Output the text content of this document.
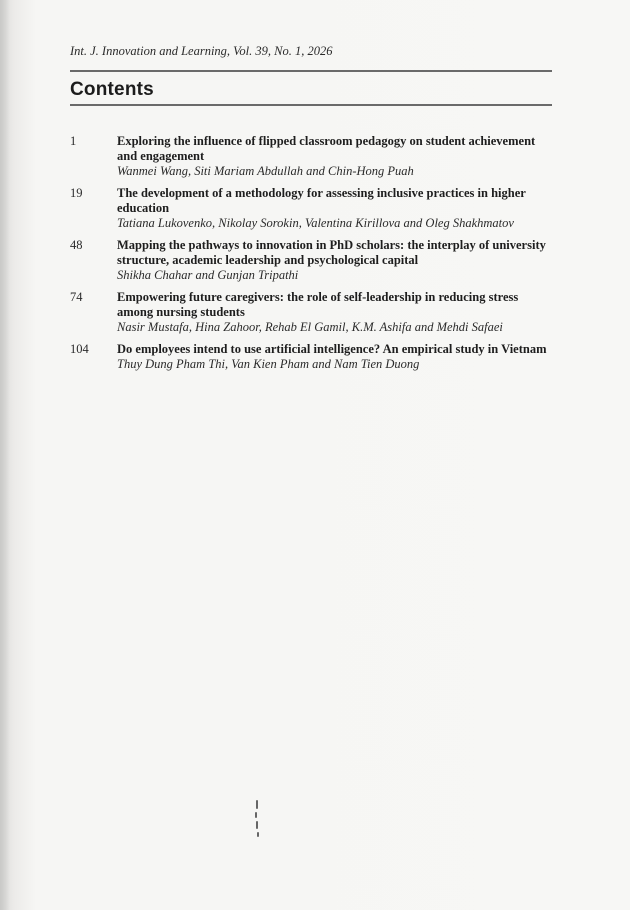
Int. J. Innovation and Learning, Vol. 39, No. 1, 2026
Contents
1	Exploring the influence of flipped classroom pedagogy on student achievement and engagement
Wanmei Wang, Siti Mariam Abdullah and Chin-Hong Puah
19	The development of a methodology for assessing inclusive practices in higher education
Tatiana Lukovenko, Nikolay Sorokin, Valentina Kirillova and Oleg Shakhmatov
48	Mapping the pathways to innovation in PhD scholars: the interplay of university structure, academic leadership and psychological capital
Shikha Chahar and Gunjan Tripathi
74	Empowering future caregivers: the role of self-leadership in reducing stress among nursing students
Nasir Mustafa, Hina Zahoor, Rehab El Gamil, K.M. Ashifa and Mehdi Safaei
104 Do employees intend to use artificial intelligence? An empirical study in Vietnam
Thuy Dung Pham Thi, Van Kien Pham and Nam Tien Duong
